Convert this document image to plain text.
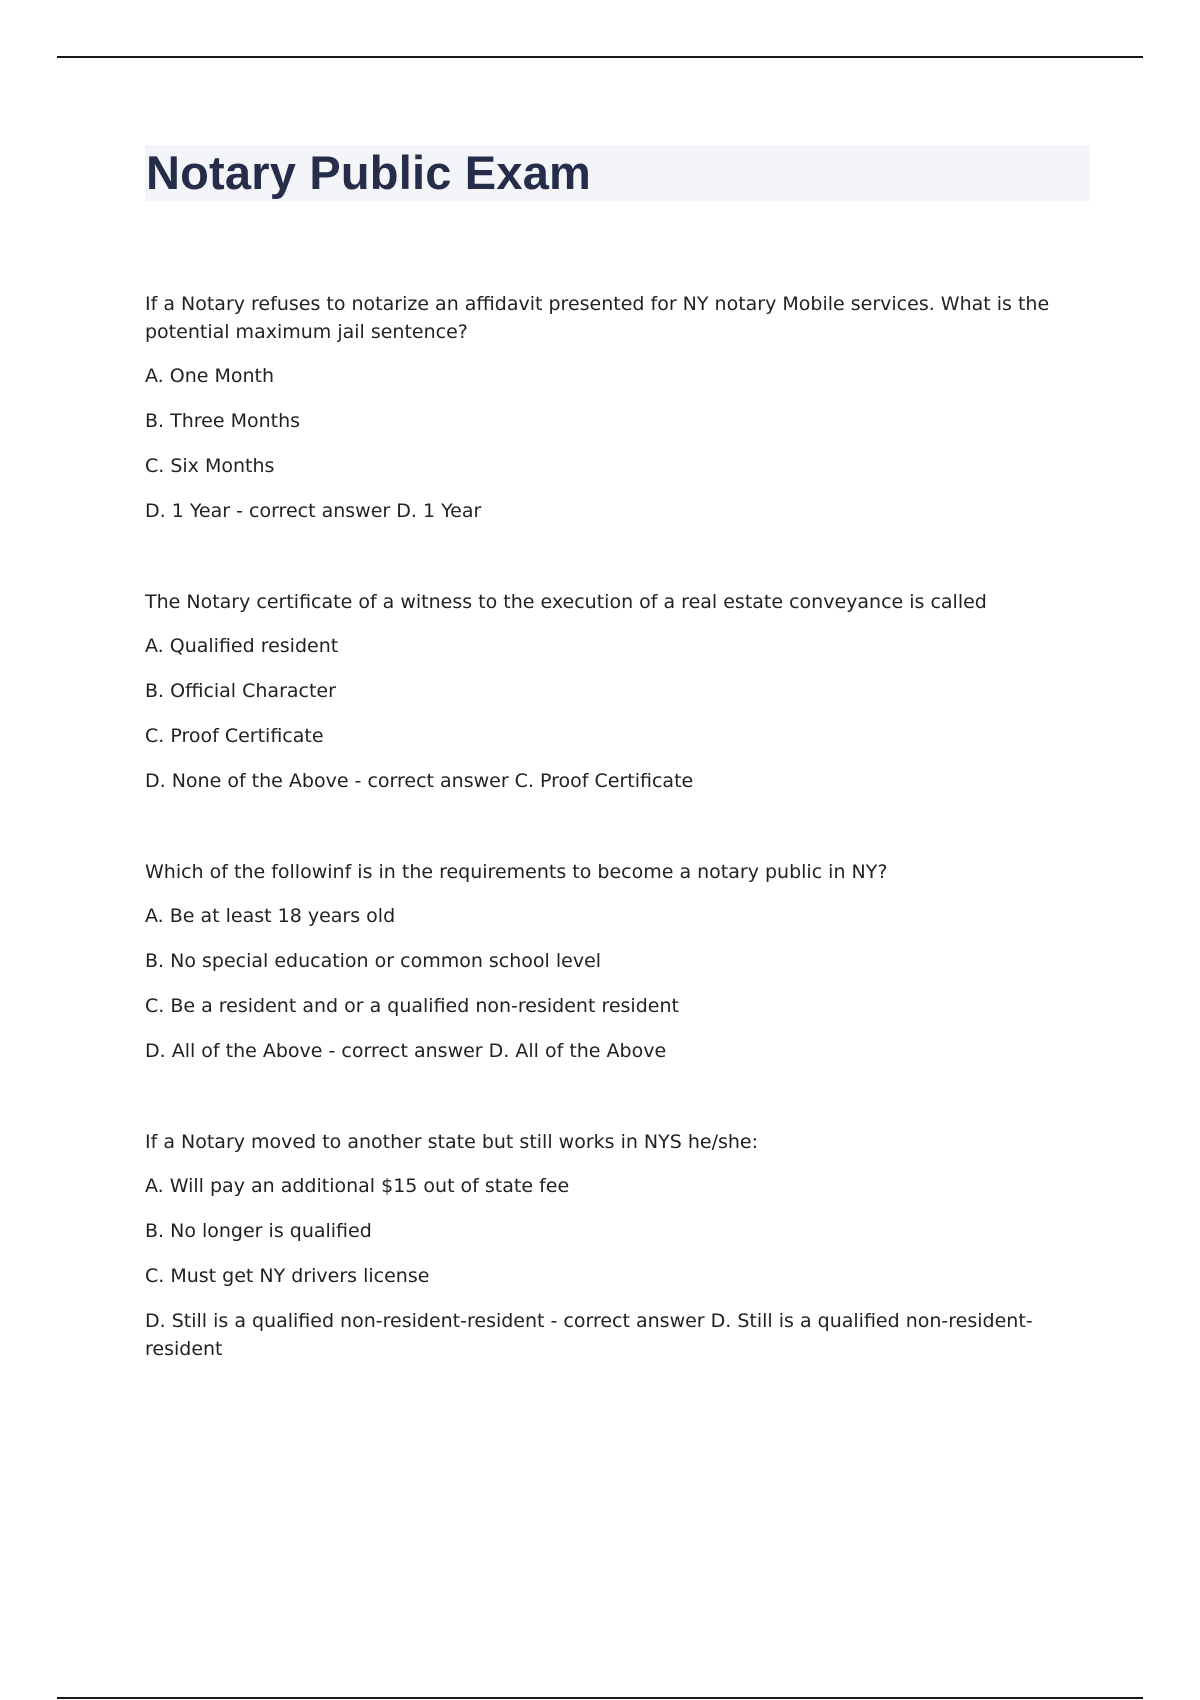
Notary Public Exam

If a Notary refuses to notarize an affidavit presented for NY notary Mobile services. What is the potential maximum jail sentence?

A. One Month
B. Three Months
C. Six Months
D. 1 Year - correct answer D. 1 Year

The Notary certificate of a witness to the execution of a real estate conveyance is called

A. Qualified resident
B. Official Character
C. Proof Certificate
D. None of the Above - correct answer C. Proof Certificate

Which of the followinf is in the requirements to become a notary public in NY?

A. Be at least 18 years old
B. No special education or common school level
C. Be a resident and or a qualified non-resident resident
D. All of the Above - correct answer D. All of the Above

If a Notary moved to another state but still works in NYS he/she:

A. Will pay an additional $15 out of state fee
B. No longer is qualified
C. Must get NY drivers license
D. Still is a qualified non-resident-resident - correct answer D. Still is a qualified non-resident-resident
